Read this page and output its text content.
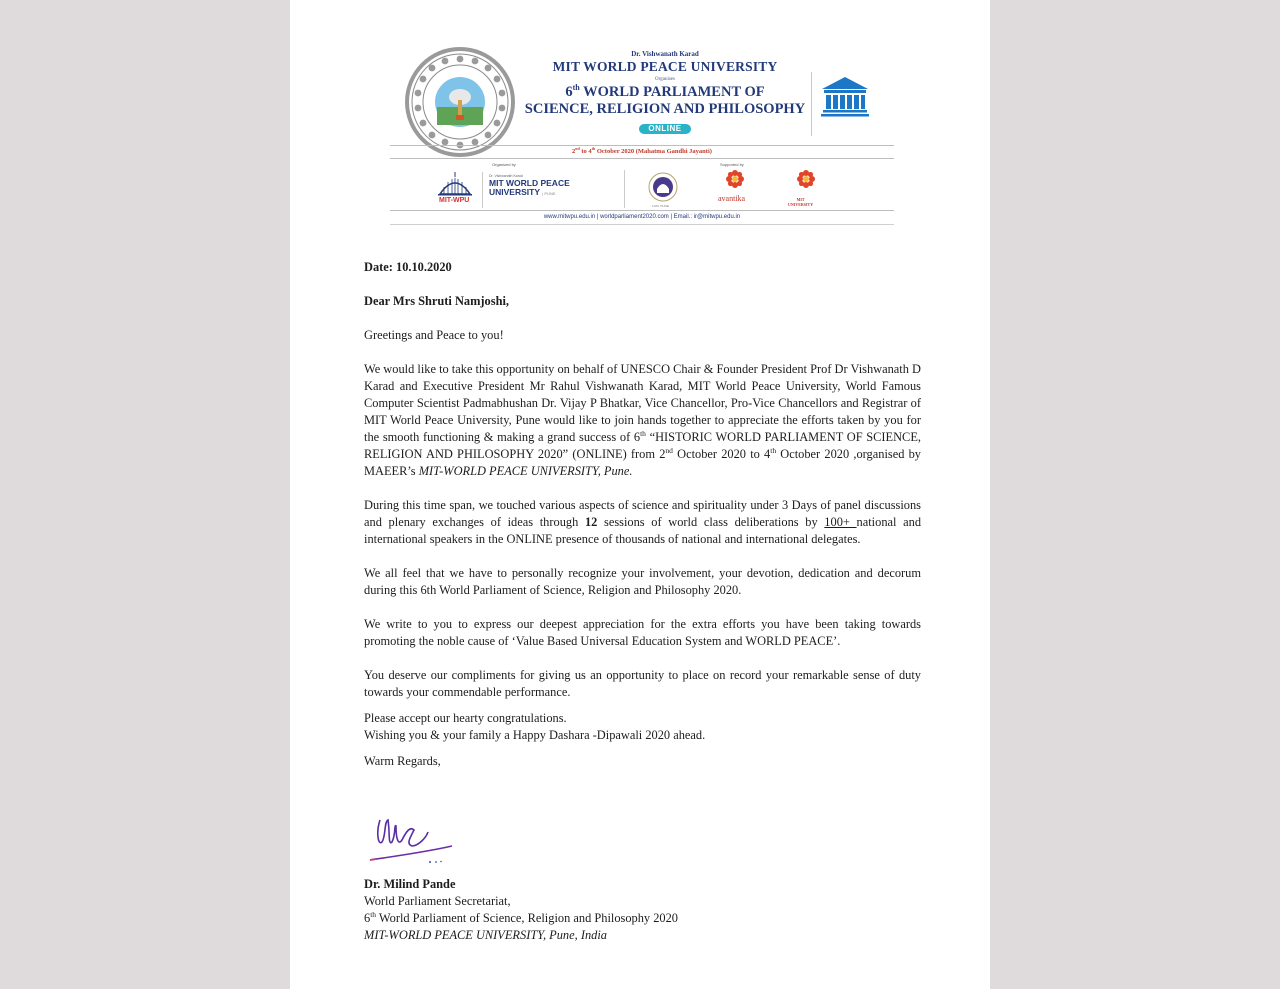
Dr. Vishwanath Karad
MIT WORLD PEACE UNIVERSITY
Organises
6th WORLD PARLIAMENT OF
SCIENCE, RELIGION AND PHILOSOPHY
ONLINE
2nd to 4th October 2020 (Mahatma Gandhi Jayanti)
Organized by	Supported by
MIT-WPU
Dr. Vishwanath Karad
MIT WORLD PEACE
UNIVERSITY | PUNE
LOKI, PUNE
avantika	MIT
UNIVERSITY
www.mitwpu.edu.in | worldparliament2020.com | Email.: ir@mitwpu.edu.in

Date: 10.10.2020

Dear Mrs Shruti Namjoshi,

Greetings and Peace to you!

We would like to take this opportunity on behalf of UNESCO Chair & Founder President Prof Dr Vishwanath D Karad and Executive President Mr Rahul Vishwanath Karad, MIT World Peace University, World Famous Computer Scientist Padmabhushan Dr. Vijay P Bhatkar, Vice Chancellor, Pro-Vice Chancellors and Registrar of MIT World Peace University, Pune would like to join hands together to appreciate the efforts taken by you for the smooth functioning & making a grand success of 6th “HISTORIC WORLD PARLIAMENT OF SCIENCE, RELIGION AND PHILOSOPHY 2020” (ONLINE) from 2nd October 2020 to 4th October 2020 ,organised by MAEER’s MIT-WORLD PEACE UNIVERSITY, Pune.

During this time span, we touched various aspects of science and spirituality under 3 Days of panel discussions and plenary exchanges of ideas through 12 sessions of world class deliberations by 100+ national and international speakers in the ONLINE presence of thousands of national and international delegates.

We all feel that we have to personally recognize your involvement, your devotion, dedication and decorum during this 6th World Parliament of Science, Religion and Philosophy 2020.

We write to you to express our deepest appreciation for the extra efforts you have been taking towards promoting the noble cause of ‘Value Based Universal Education System and WORLD PEACE’.

You deserve our compliments for giving us an opportunity to place on record your remarkable sense of duty towards your commendable performance.

Please accept our hearty congratulations.

Wishing you & your family a Happy Dashara -Dipawali 2020 ahead.

Warm Regards,

Dr. Milind Pande

World Parliament Secretariat,

6th World Parliament of Science, Religion and Philosophy 2020

MIT-WORLD PEACE UNIVERSITY, Pune, India
